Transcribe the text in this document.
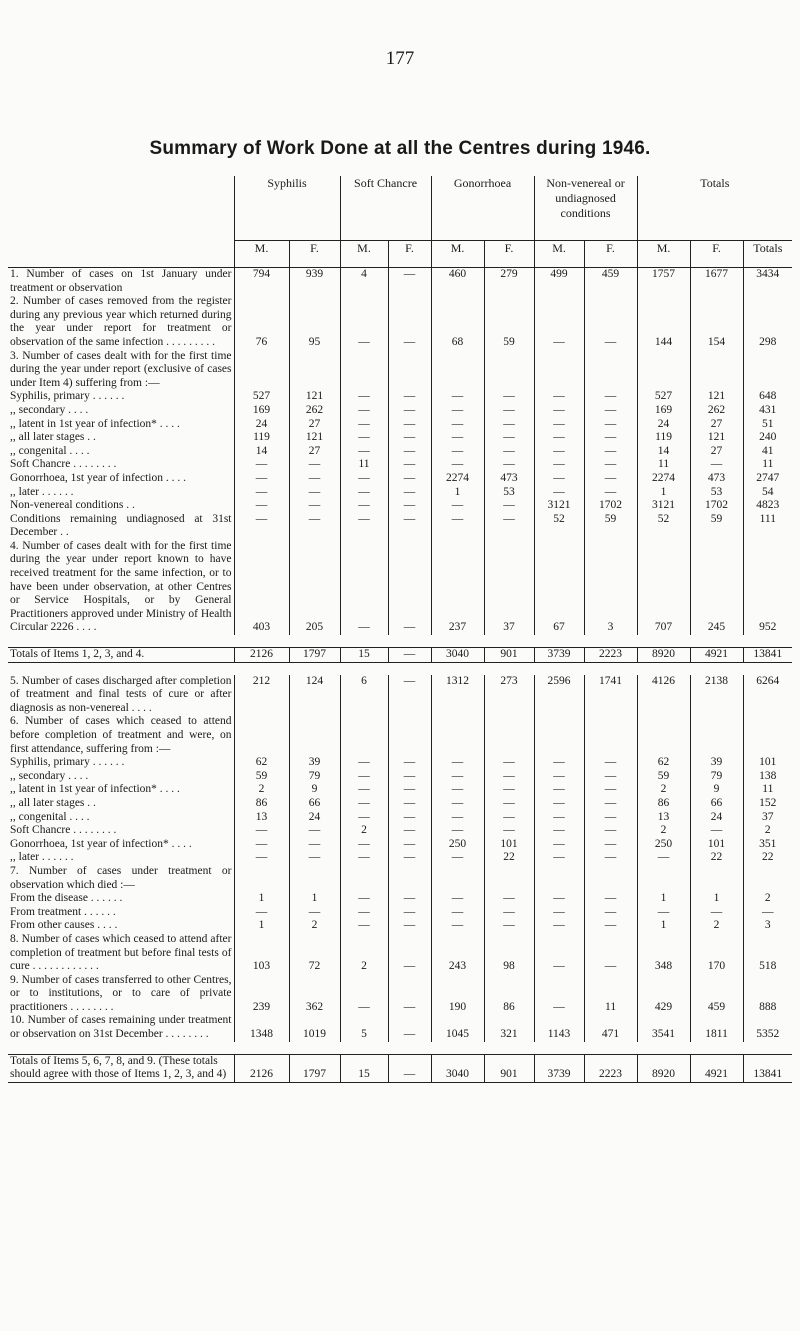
177
Summary of Work Done at all the Centres during 1946.
	Syphilis		Soft Chancre		Gonorrhoea		Non-venereal or undiagnosed conditions		Totals		
	M.	F.	M.	F.	M.	F.	M.	F.	M.	F.	Totals
1. Number of cases on 1st January under treatment or observation	794	939	4	—	460	279	499	459	1757	1677	3434
2. Number of cases removed from the register during any previous year which returned during the year under report for treatment or observation of the same infection . . . . . . . . .	76	95	—	—	68	59	—	—	144	154	298
3. Number of cases dealt with for the first time during the year under report (exclusive of cases under Item 4) suffering from :—											
Syphilis, primary . . . . . .	527	121	—	—	—	—	—	—	527	121	648
,, secondary . . . .	169	262	—	—	—	—	—	—	169	262	431
,, latent in 1st year of infection* . . . .	24	27	—	—	—	—	—	—	24	27	51
,, all later stages . .	119	121	—	—	—	—	—	—	119	121	240
,, congenital . . . .	14	27	—	—	—	—	—	—	14	27	41
Soft Chancre . . . . . . . .	—	—	11	—	—	—	—	—	11	—	11
Gonorrhoea, 1st year of infection . . . .	—	—	—	—	2274	473	—	—	2274	473	2747
,, later . . . . . .	—	—	—	—	1	53	—	—	1	53	54
Non-venereal conditions . .	—	—	—	—	—	—	3121	1702	3121	1702	4823
Conditions remaining undiagnosed at 31st December . .	—	—	—	—	—	—	52	59	52	59	111
4. Number of cases dealt with for the first time during the year under report known to have received treatment for the same infection, or to have been under observation, at other Centres or Service Hospitals, or by General Practitioners approved under Ministry of Health Circular 2226 . . . .	403	205	—	—	237	37	67	3	707	245	952

Totals of Items 1, 2, 3, and 4.	2126	1797	15	—	3040	901	3739	2223	8920	4921	13841

5. Number of cases discharged after completion of treatment and final tests of cure or after diagnosis as non-venereal . . . .	212	124	6	—	1312	273	2596	1741	4126	2138	6264
6. Number of cases which ceased to attend before completion of treatment and were, on first attendance, suffering from :—											
Syphilis, primary . . . . . .	62	39	—	—	—	—	—	—	62	39	101
,, secondary . . . .	59	79	—	—	—	—	—	—	59	79	138
,, latent in 1st year of infection* . . . .	2	9	—	—	—	—	—	—	2	9	11
,, all later stages . .	86	66	—	—	—	—	—	—	86	66	152
,, congenital . . . .	13	24	—	—	—	—	—	—	13	24	37
Soft Chancre . . . . . . . .	—	—	2	—	—	—	—	—	2	—	2
Gonorrhoea, 1st year of infection* . . . .	—	—	—	—	250	101	—	—	250	101	351
,, later . . . . . .	—	—	—	—	—	22	—	—	—	22	22
7. Number of cases under treatment or observation which died :—											
From the disease . . . . . .	1	1	—	—	—	—	—	—	1	1	2
From treatment . . . . . .	—	—	—	—	—	—	—	—	—	—	—
From other causes . . . .	1	2	—	—	—	—	—	—	1	2	3
8. Number of cases which ceased to attend after completion of treatment but before final tests of cure . . . . . . . . . . . .	103	72	2	—	243	98	—	—	348	170	518
9. Number of cases transferred to other Centres, or to institutions, or to care of private practitioners . . . . . . . .	239	362	—	—	190	86	—	11	429	459	888
10. Number of cases remaining under treatment or observation on 31st December . . . . . . . .	1348	1019	5	—	1045	321	1143	471	3541	1811	5352

Totals of Items 5, 6, 7, 8, and 9. (These totals should agree with those of Items 1, 2, 3, and 4)	2126	1797	15	—	3040	901	3739	2223	8920	4921	13841
